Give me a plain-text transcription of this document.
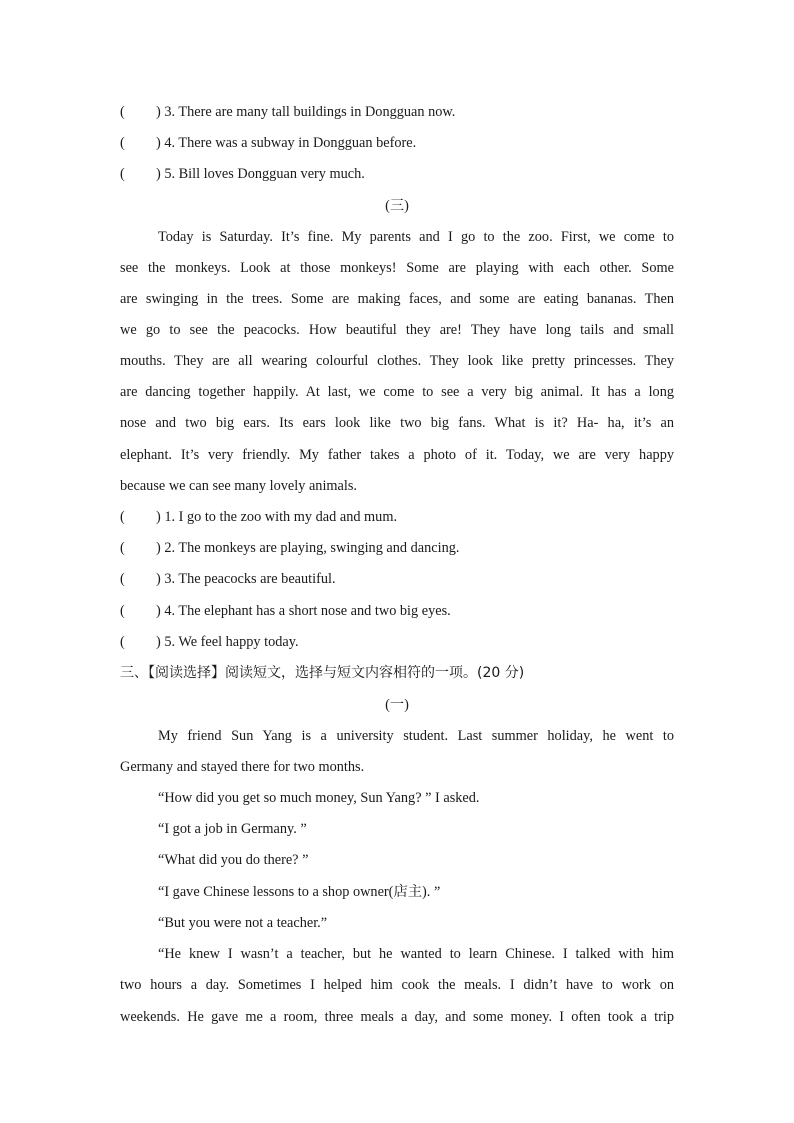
( ) 3. There are many tall buildings in Dongguan now.
( ) 4. There was a subway in Dongguan before.
( ) 5. Bill loves Dongguan very much.
(三)
Today is Saturday. It’s fine. My parents and I go to the zoo. First, we come to
see the monkeys. Look at those monkeys! Some are playing with each other. Some
are swinging in the trees. Some are making faces, and some are eating bananas. Then
we go to see the peacocks. How beautiful they are! They have long tails and small
mouths. They are all wearing colourful clothes. They look like pretty princesses. They
are dancing together happily. At last, we come to see a very big animal. It has a long
nose and two big ears. Its ears look like two big fans. What is it? Ha- ha, it’s an
elephant. It’s very friendly. My father takes a photo of it. Today, we are very happy
because we can see many lovely animals.
( ) 1. I go to the zoo with my dad and mum.
( ) 2. The monkeys are playing, swinging and dancing.
( ) 3. The peacocks are beautiful.
( ) 4. The elephant has a short nose and two big eyes.
( ) 5. We feel happy today.
三、【阅读选择】阅读短文，选择与短文内容相符的一项。(20 分)
(一)
My friend Sun Yang is a university student. Last summer holiday, he went to
Germany and stayed there for two months.
“How did you get so much money, Sun Yang? ” I asked.
“I got a job in Germany. ”
“What did you do there? ”
“I gave Chinese lessons to a shop owner(店主). ”
“But you were not a teacher.”
“He knew I wasn’t a teacher, but he wanted to learn Chinese. I talked with him
two hours a day. Sometimes I helped him cook the meals. I didn’t have to work on
weekends. He gave me a room, three meals a day, and some money. I often took a trip
